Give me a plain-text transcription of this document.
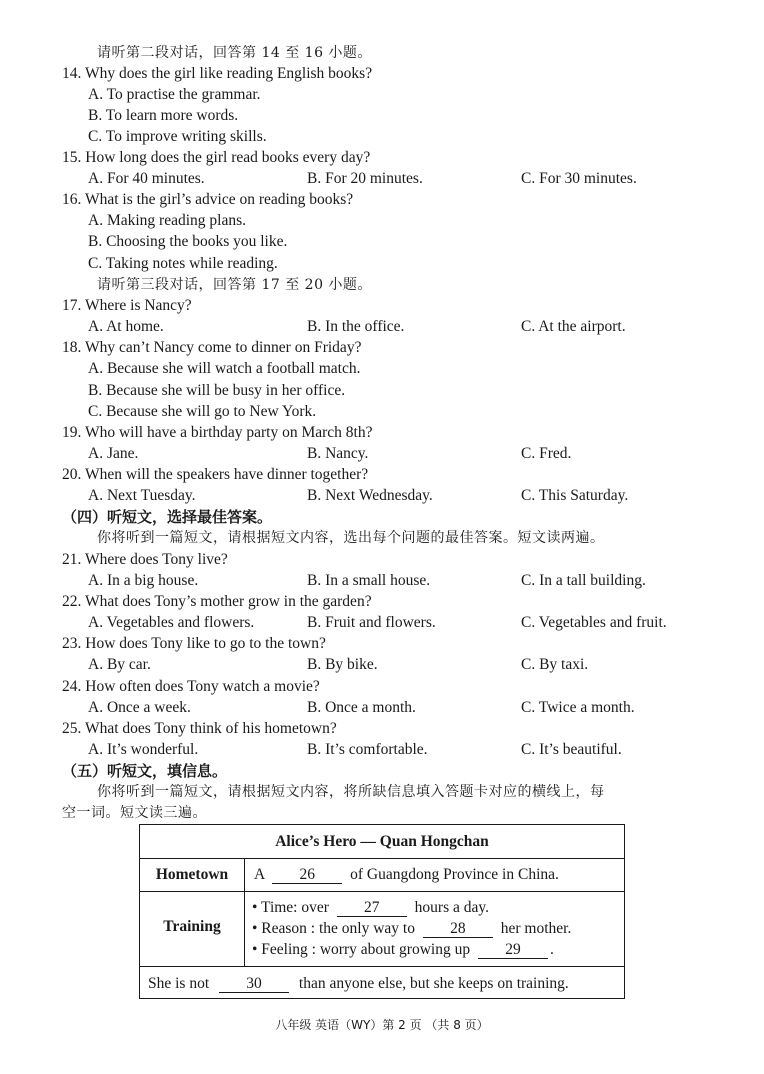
请听第二段对话，回答第 14 至 16 小题。
14. Why does the girl like reading English books?
A. To practise the grammar.
B. To learn more words.
C. To improve writing skills.
15. How long does the girl read books every day?
A. For 40 minutes.	B. For 20 minutes.	C. For 30 minutes.
16. What is the girl’s advice on reading books?
A. Making reading plans.
B. Choosing the books you like.
C. Taking notes while reading.
请听第三段对话，回答第 17 至 20 小题。
17. Where is Nancy?
A. At home.	B. In the office.	C. At the airport.
18. Why can’t Nancy come to dinner on Friday?
A. Because she will watch a football match.
B. Because she will be busy in her office.
C. Because she will go to New York.
19. Who will have a birthday party on March 8th?
A. Jane.	B. Nancy.	C. Fred.
20. When will the speakers have dinner together?
A. Next Tuesday.	B. Next Wednesday.	C. This Saturday.
（四）听短文，选择最佳答案。
你将听到一篇短文，请根据短文内容，选出每个问题的最佳答案。短文读两遍。
21. Where does Tony live?
A. In a big house.	B. In a small house.	C. In a tall building.
22. What does Tony’s mother grow in the garden?
A. Vegetables and flowers.	B. Fruit and flowers.	C. Vegetables and fruit.
23. How does Tony like to go to the town?
A. By car.	B. By bike.	C. By taxi.
24. How often does Tony watch a movie?
A. Once a week.	B. Once a month.	C. Twice a month.
25. What does Tony think of his hometown?
A. It’s wonderful.	B. It’s comfortable.	C. It’s beautiful.
（五）听短文，填信息。
你将听到一篇短文，请根据短文内容，将所缺信息填入答题卡对应的横线上，每
空一词。短文读三遍。
Alice’s Hero — Quan Hongchan
Hometown	A 26 of Guangdong Province in China.
Training
• Time: over 27 hours a day.
• Reason : the only way to 28 her mother.
• Feeling : worry about growing up 29 .
She is not 30 than anyone else, but she keeps on training.
八年级 英语（WY）第 2 页 （共 8 页）
